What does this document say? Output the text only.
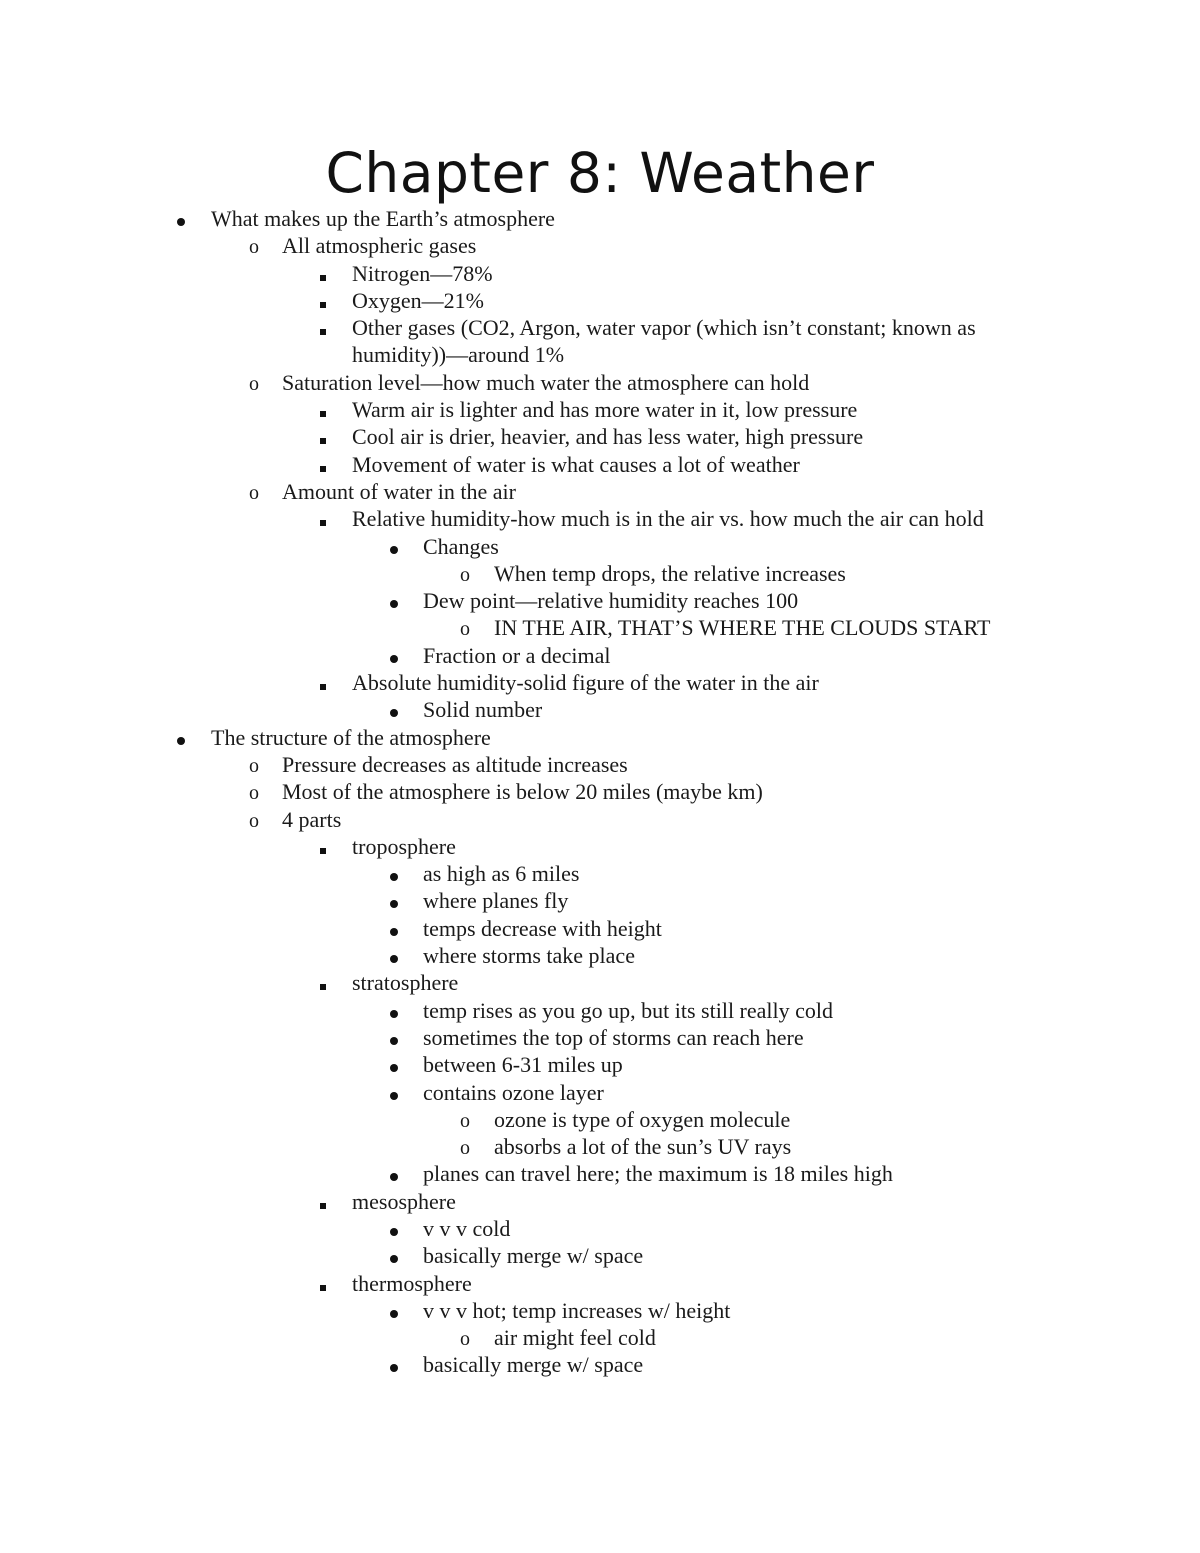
Chapter 8: Weather
What makes up the Earth’s atmosphere
o
All atmospheric gases
Nitrogen—78%
Oxygen—21%
Other gases (CO2, Argon, water vapor (which isn’t constant; known as humidity))—around 1%
o
Saturation level—how much water the atmosphere can hold
Warm air is lighter and has more water in it, low pressure
Cool air is drier, heavier, and has less water, high pressure
Movement of water is what causes a lot of weather
o
Amount of water in the air
Relative humidity-how much is in the air vs. how much the air can hold
Changes
o
When temp drops, the relative increases
Dew point—relative humidity reaches 100
o
IN THE AIR, THAT’S WHERE THE CLOUDS START
Fraction or a decimal
Absolute humidity-solid figure of the water in the air
Solid number
The structure of the atmosphere
o
Pressure decreases as altitude increases
o
Most of the atmosphere is below 20 miles (maybe km)
o
4 parts
troposphere
as high as 6 miles
where planes fly
temps decrease with height
where storms take place
stratosphere
temp rises as you go up, but its still really cold
sometimes the top of storms can reach here
between 6-31 miles up
contains ozone layer
o
ozone is type of oxygen molecule
o
absorbs a lot of the sun’s UV rays
planes can travel here; the maximum is 18 miles high
mesosphere
v v v cold
basically merge w/ space
thermosphere
v v v hot; temp increases w/ height
o
air might feel cold
basically merge w/ space
